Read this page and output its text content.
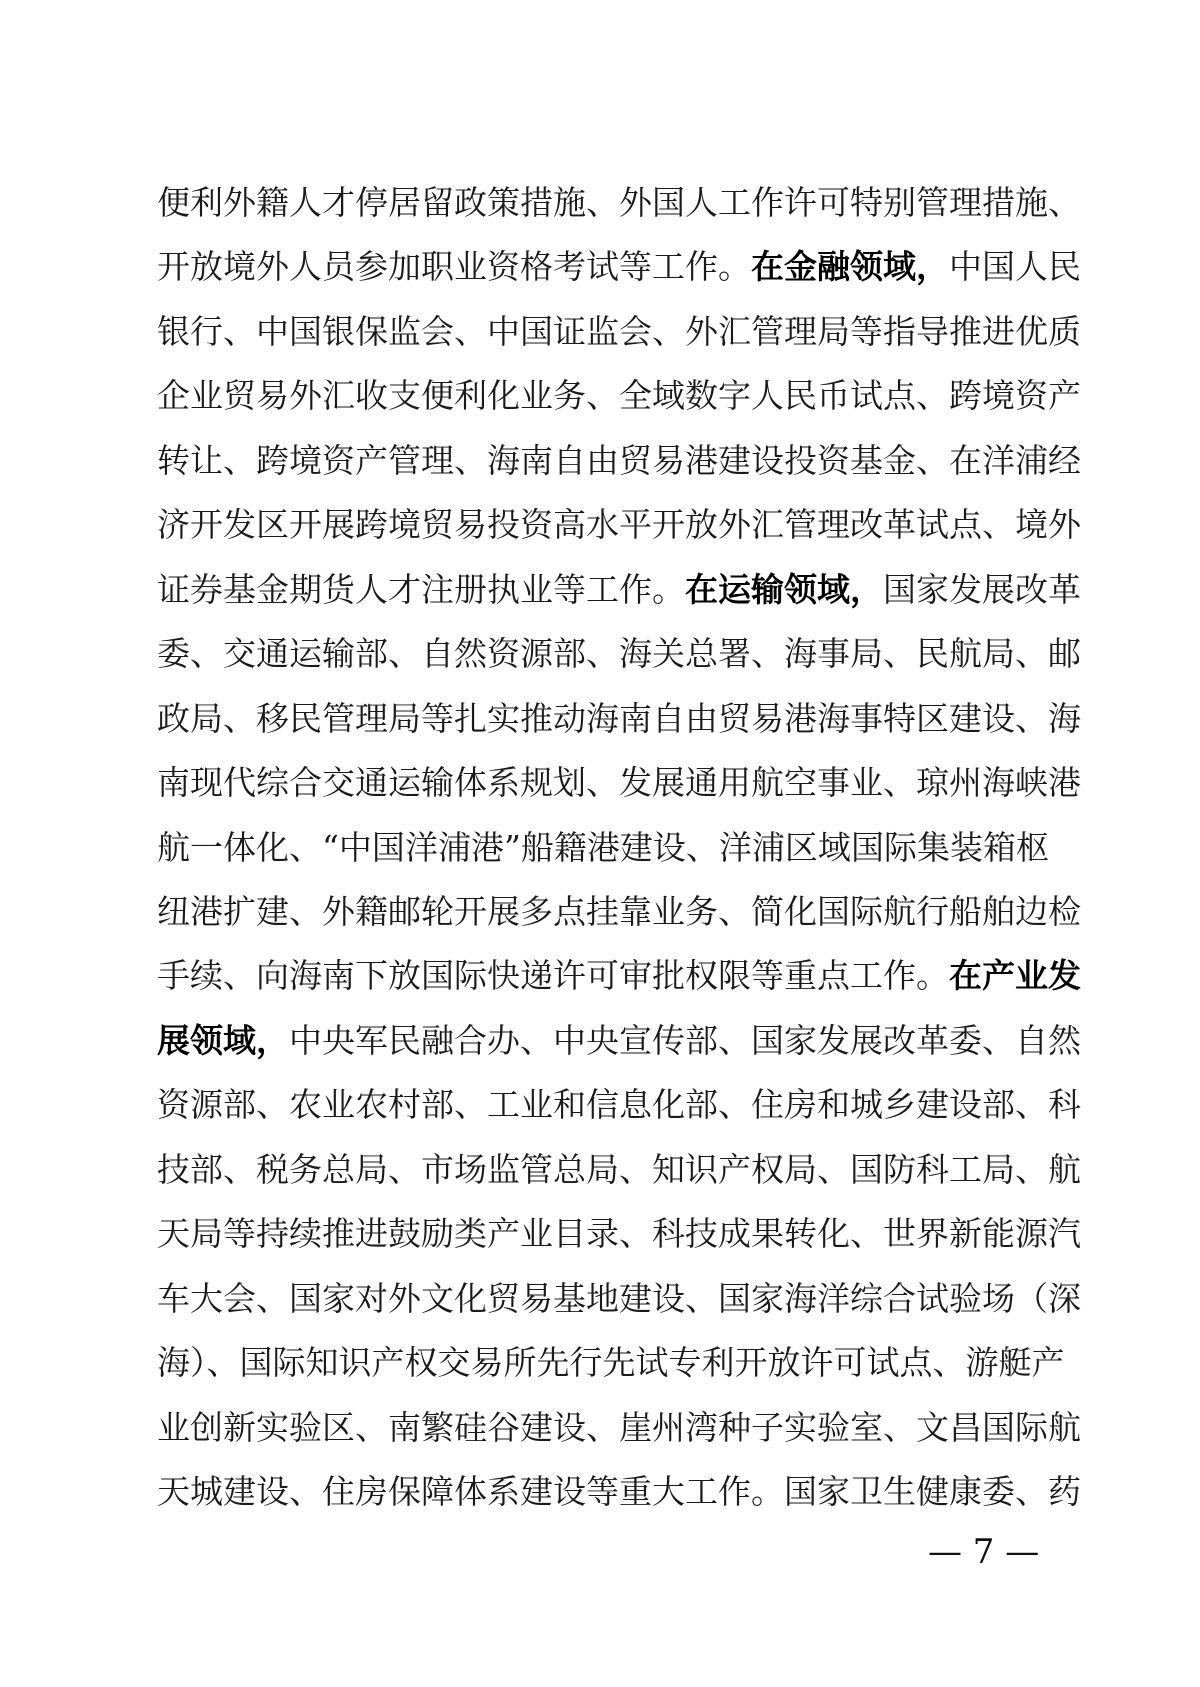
便利外籍人才停居留政策措施、外国人工作许可特别管理措施、
开放境外人员参加职业资格考试等工作。在金融领域，中国人民
银行、中国银保监会、中国证监会、外汇管理局等指导推进优质
企业贸易外汇收支便利化业务、全域数字人民币试点、跨境资产
转让、跨境资产管理、海南自由贸易港建设投资基金、在洋浦经
济开发区开展跨境贸易投资高水平开放外汇管理改革试点、境外
证券基金期货人才注册执业等工作。在运输领域，国家发展改革
委、交通运输部、自然资源部、海关总署、海事局、民航局、邮
政局、移民管理局等扎实推动海南自由贸易港海事特区建设、海
南现代综合交通运输体系规划、发展通用航空事业、琼州海峡港
航一体化、“中国洋浦港”船籍港建设、洋浦区域国际集装箱枢
纽港扩建、外籍邮轮开展多点挂靠业务、简化国际航行船舶边检
手续、向海南下放国际快递许可审批权限等重点工作。在产业发
展领域，中央军民融合办、中央宣传部、国家发展改革委、自然
资源部、农业农村部、工业和信息化部、住房和城乡建设部、科
技部、税务总局、市场监管总局、知识产权局、国防科工局、航
天局等持续推进鼓励类产业目录、科技成果转化、世界新能源汽
车大会、国家对外文化贸易基地建设、国家海洋综合试验场（深
海）、国际知识产权交易所先行先试专利开放许可试点、游艇产
业创新实验区、南繁硅谷建设、崖州湾种子实验室、文昌国际航
天城建设、住房保障体系建设等重大工作。国家卫生健康委、药
— 7 —
